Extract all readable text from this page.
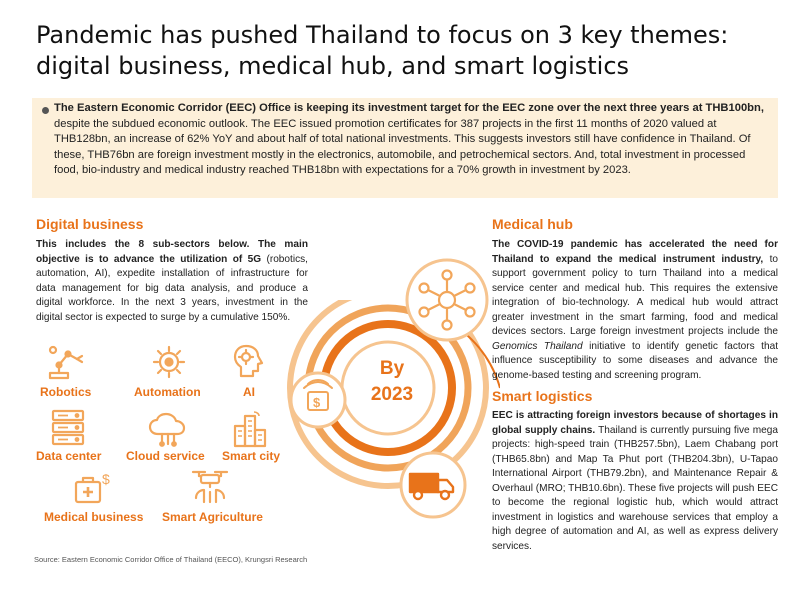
Pandemic has pushed Thailand to focus on 3 key themes:
digital business, medical hub, and smart logistics

The Eastern Economic Corridor (EEC) Office is keeping its investment target for the EEC zone over the next three years at THB100bn, despite the subdued economic outlook. The EEC issued promotion certificates for 387 projects in the first 11 months of 2020 valued at THB128bn, an increase of 62% YoY and about half of total national investments. This suggests investors still have confidence in Thailand. Of these, THB76bn are foreign investment mostly in the electronics, automobile, and petrochemical sectors. And, total investment in processed food, bio-industry and medical industry reached THB18bn with expectations for a 70% growth in investment by 2023.

Digital business
This includes the 8 sub-sectors below. The main objective is to advance the utilization of 5G (robotics, automation, AI), expedite installation of infrastructure for data management for big data analysis, and produce a digital workforce. In the next 3 years, investment in the digital sector is expected to surge by a cumulative 150%.
Robotics	Automation	AI
Data center Cloud service Smart city
$
Medical business Smart Agriculture
$
By
2023
Medical hub
The COVID-19 pandemic has accelerated the need for Thailand to expand the medical instrument industry, to support government policy to turn Thailand into a medical service center and medical hub. This requires the extensive integration of bio-technology. A medical hub would attract greater investment in the smart farming, food and medical devices sectors. Large foreign investment projects include the Genomics Thailand initiative to identify genetic factors that influence susceptibility to some diseases and advance the genome-based testing and screening program.
Smart logistics
EEC is attracting foreign investors because of shortages in global supply chains. Thailand is currently pursuing five mega projects: high-speed train (THB257.5bn), Laem Chabang port (THB65.8bn) and Map Ta Phut port (THB204.3bn), U-Tapao International Airport (THB79.2bn), and Maintenance Repair & Overhaul (MRO; THB10.6bn). These five projects will push EEC to become the regional logistic hub, which would attract investment in logistics and warehouse services that employ a high degree of automation and AI, as well as express delivery services.
Source: Eastern Economic Corridor Office of Thailand (EECO), Krungsri Research
